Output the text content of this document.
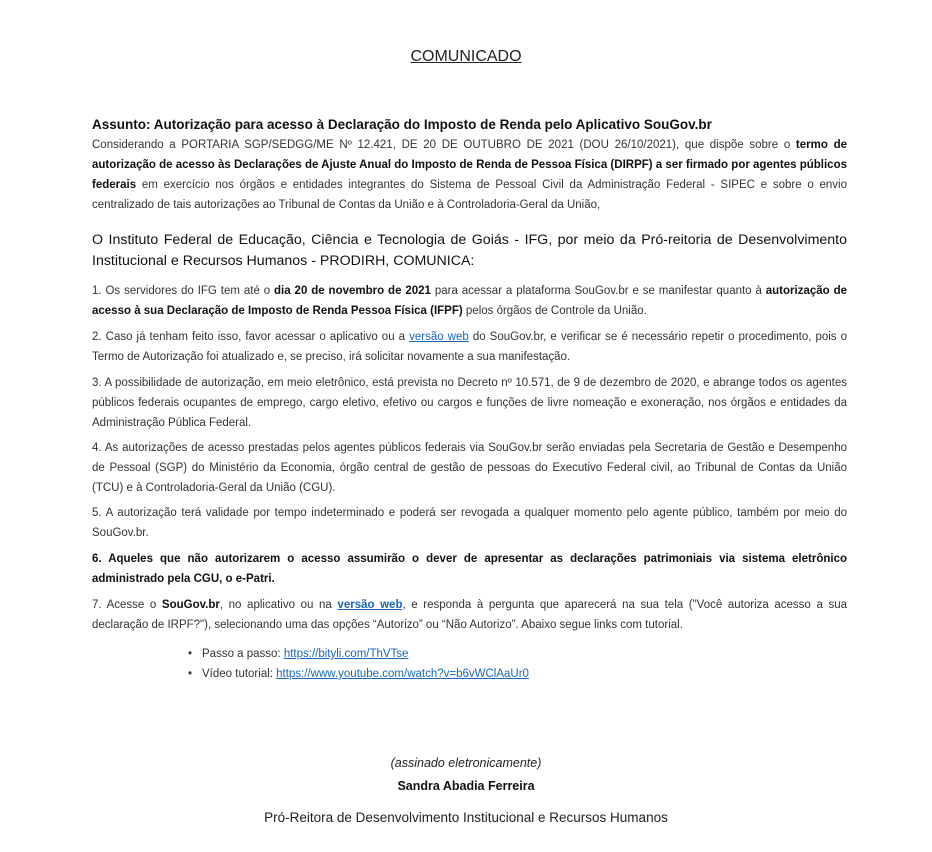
COMUNICADO
Assunto: Autorização para acesso à Declaração do Imposto de Renda pelo Aplicativo SouGov.br

Considerando a PORTARIA SGP/SEDGG/ME Nº 12.421, DE 20 DE OUTUBRO DE 2021 (DOU 26/10/2021), que dispõe sobre o termo de autorização de acesso às Declarações de Ajuste Anual do Imposto de Renda de Pessoa Física (DIRPF) a ser firmado por agentes públicos federais em exercício nos órgãos e entidades integrantes do Sistema de Pessoal Civil da Administração Federal - SIPEC e sobre o envio centralizado de tais autorizações ao Tribunal de Contas da União e à Controladoria-Geral da União,

O Instituto Federal de Educação, Ciência e Tecnologia de Goiás - IFG, por meio da Pró-reitoria de Desenvolvimento Institucional e Recursos Humanos - PRODIRH, COMUNICA:

1. Os servidores do IFG tem até o dia 20 de novembro de 2021 para acessar a plataforma SouGov.br e se manifestar quanto à autorização de acesso à sua Declaração de Imposto de Renda Pessoa Física (IFPF) pelos órgãos de Controle da União.

2. Caso já tenham feito isso, favor acessar o aplicativo ou a versão web do SouGov.br, e verificar se é necessário repetir o procedimento, pois o Termo de Autorização foi atualizado e, se preciso, irá solicitar novamente a sua manifestação.

3. A possibilidade de autorização, em meio eletrônico, está prevista no Decreto nº 10.571, de 9 de dezembro de 2020, e abrange todos os agentes públicos federais ocupantes de emprego, cargo eletivo, efetivo ou cargos e funções de livre nomeação e exoneração, nos órgãos e entidades da Administração Pública Federal.

4. As autorizações de acesso prestadas pelos agentes públicos federais via SouGov.br serão enviadas pela Secretaria de Gestão e Desempenho de Pessoal (SGP) do Ministério da Economia, órgão central de gestão de pessoas do Executivo Federal civil, ao Tribunal de Contas da União (TCU) e à Controladoria-Geral da União (CGU).

5. A autorização terá validade por tempo indeterminado e poderá ser revogada a qualquer momento pelo agente público, também por meio do SouGov.br.

6. Aqueles que não autorizarem o acesso assumirão o dever de apresentar as declarações patrimoniais via sistema eletrônico administrado pela CGU, o e-Patri.

7. Acesse o SouGov.br, no aplicativo ou na versão web, e responda à pergunta que aparecerá na sua tela ("Você autoriza acesso a sua declaração de IRPF?"), selecionando uma das opções “Autorizo” ou “Não Autorizo”. Abaixo segue links com tutorial.

• Passo a passo: https://bityli.com/ThVTse
• Vídeo tutorial: https://www.youtube.com/watch?v=b6vWClAaUr0
(assinado eletronicamente)
Sandra Abadia Ferreira
Pró-Reitora de Desenvolvimento Institucional e Recursos Humanos
